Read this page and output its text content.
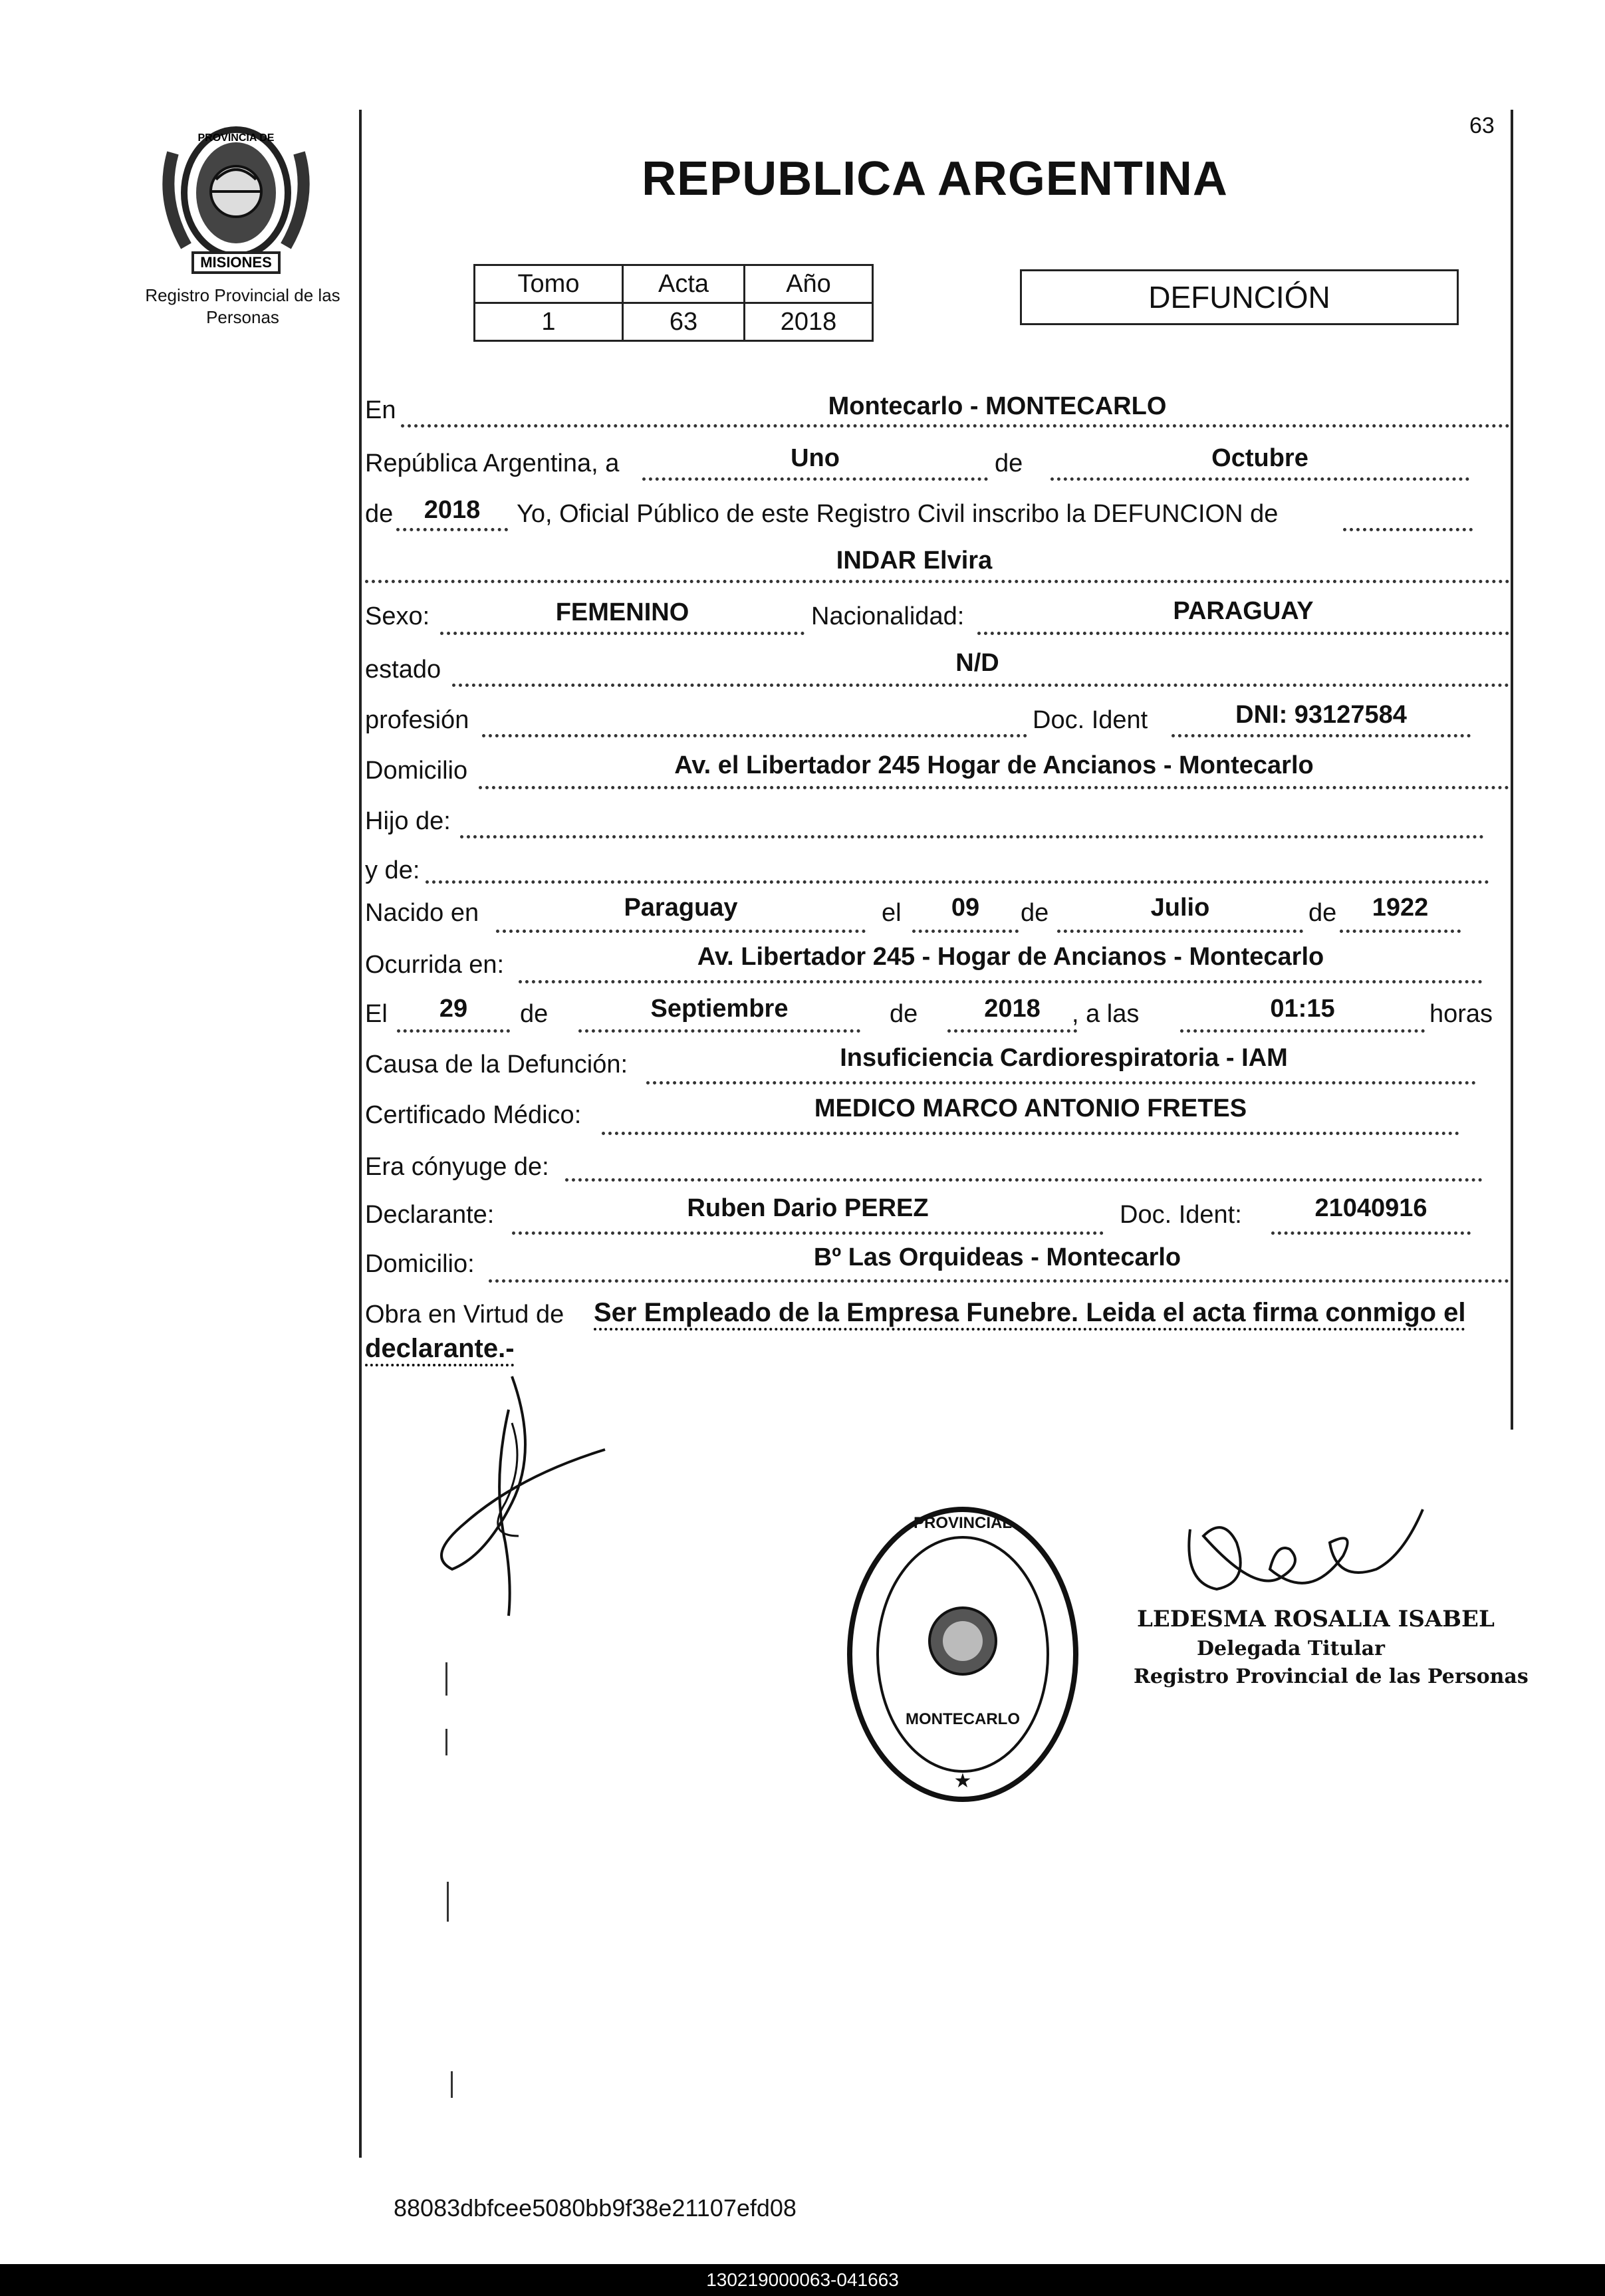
MISIONES
PROVINCIA DE
Registro Provincial de las Personas
63
REPUBLICA ARGENTINA
Tomo	Acta	Año
1	63	2018
DEFUNCIÓN
En	Montecarlo - MONTECARLO
República Argentina, a	Uno	de	Octubre
de	2018	Yo, Oficial Público de este Registro Civil inscribo la DEFUNCION de
INDAR Elvira
Sexo:	FEMENINO	Nacionalidad:	PARAGUAY
estado	N/D
profesión	Doc. Ident	DNI: 93127584
Domicilio	Av. el Libertador 245 Hogar de Ancianos - Montecarlo
Hijo de:
y de:
Nacido en	Paraguay	el	09	de	Julio	de	1922
Ocurrida en:	Av. Libertador 245 - Hogar de Ancianos - Montecarlo
El	29	de	Septiembre	de	2018	, a las	01:15	horas
Causa de la Defunción:	Insuficiencia Cardiorespiratoria - IAM
Certificado Médico:	MEDICO MARCO ANTONIO FRETES
Era cónyuge de:
Declarante:	Ruben Dario PEREZ	Doc. Ident:	21040916
Domicilio:	Bº Las Orquideas - Montecarlo
Obra en Virtud de Ser Empleado de la Empresa Funebre. Leida el acta firma conmigo el
declarante.-
PROVINCIAL
MONTECARLO
★
LEDESMA ROSALIA ISABEL
Delegada Titular
Registro Provincial de las Personas
88083dbfcee5080bb9f38e21107efd08
130219000063-041663
